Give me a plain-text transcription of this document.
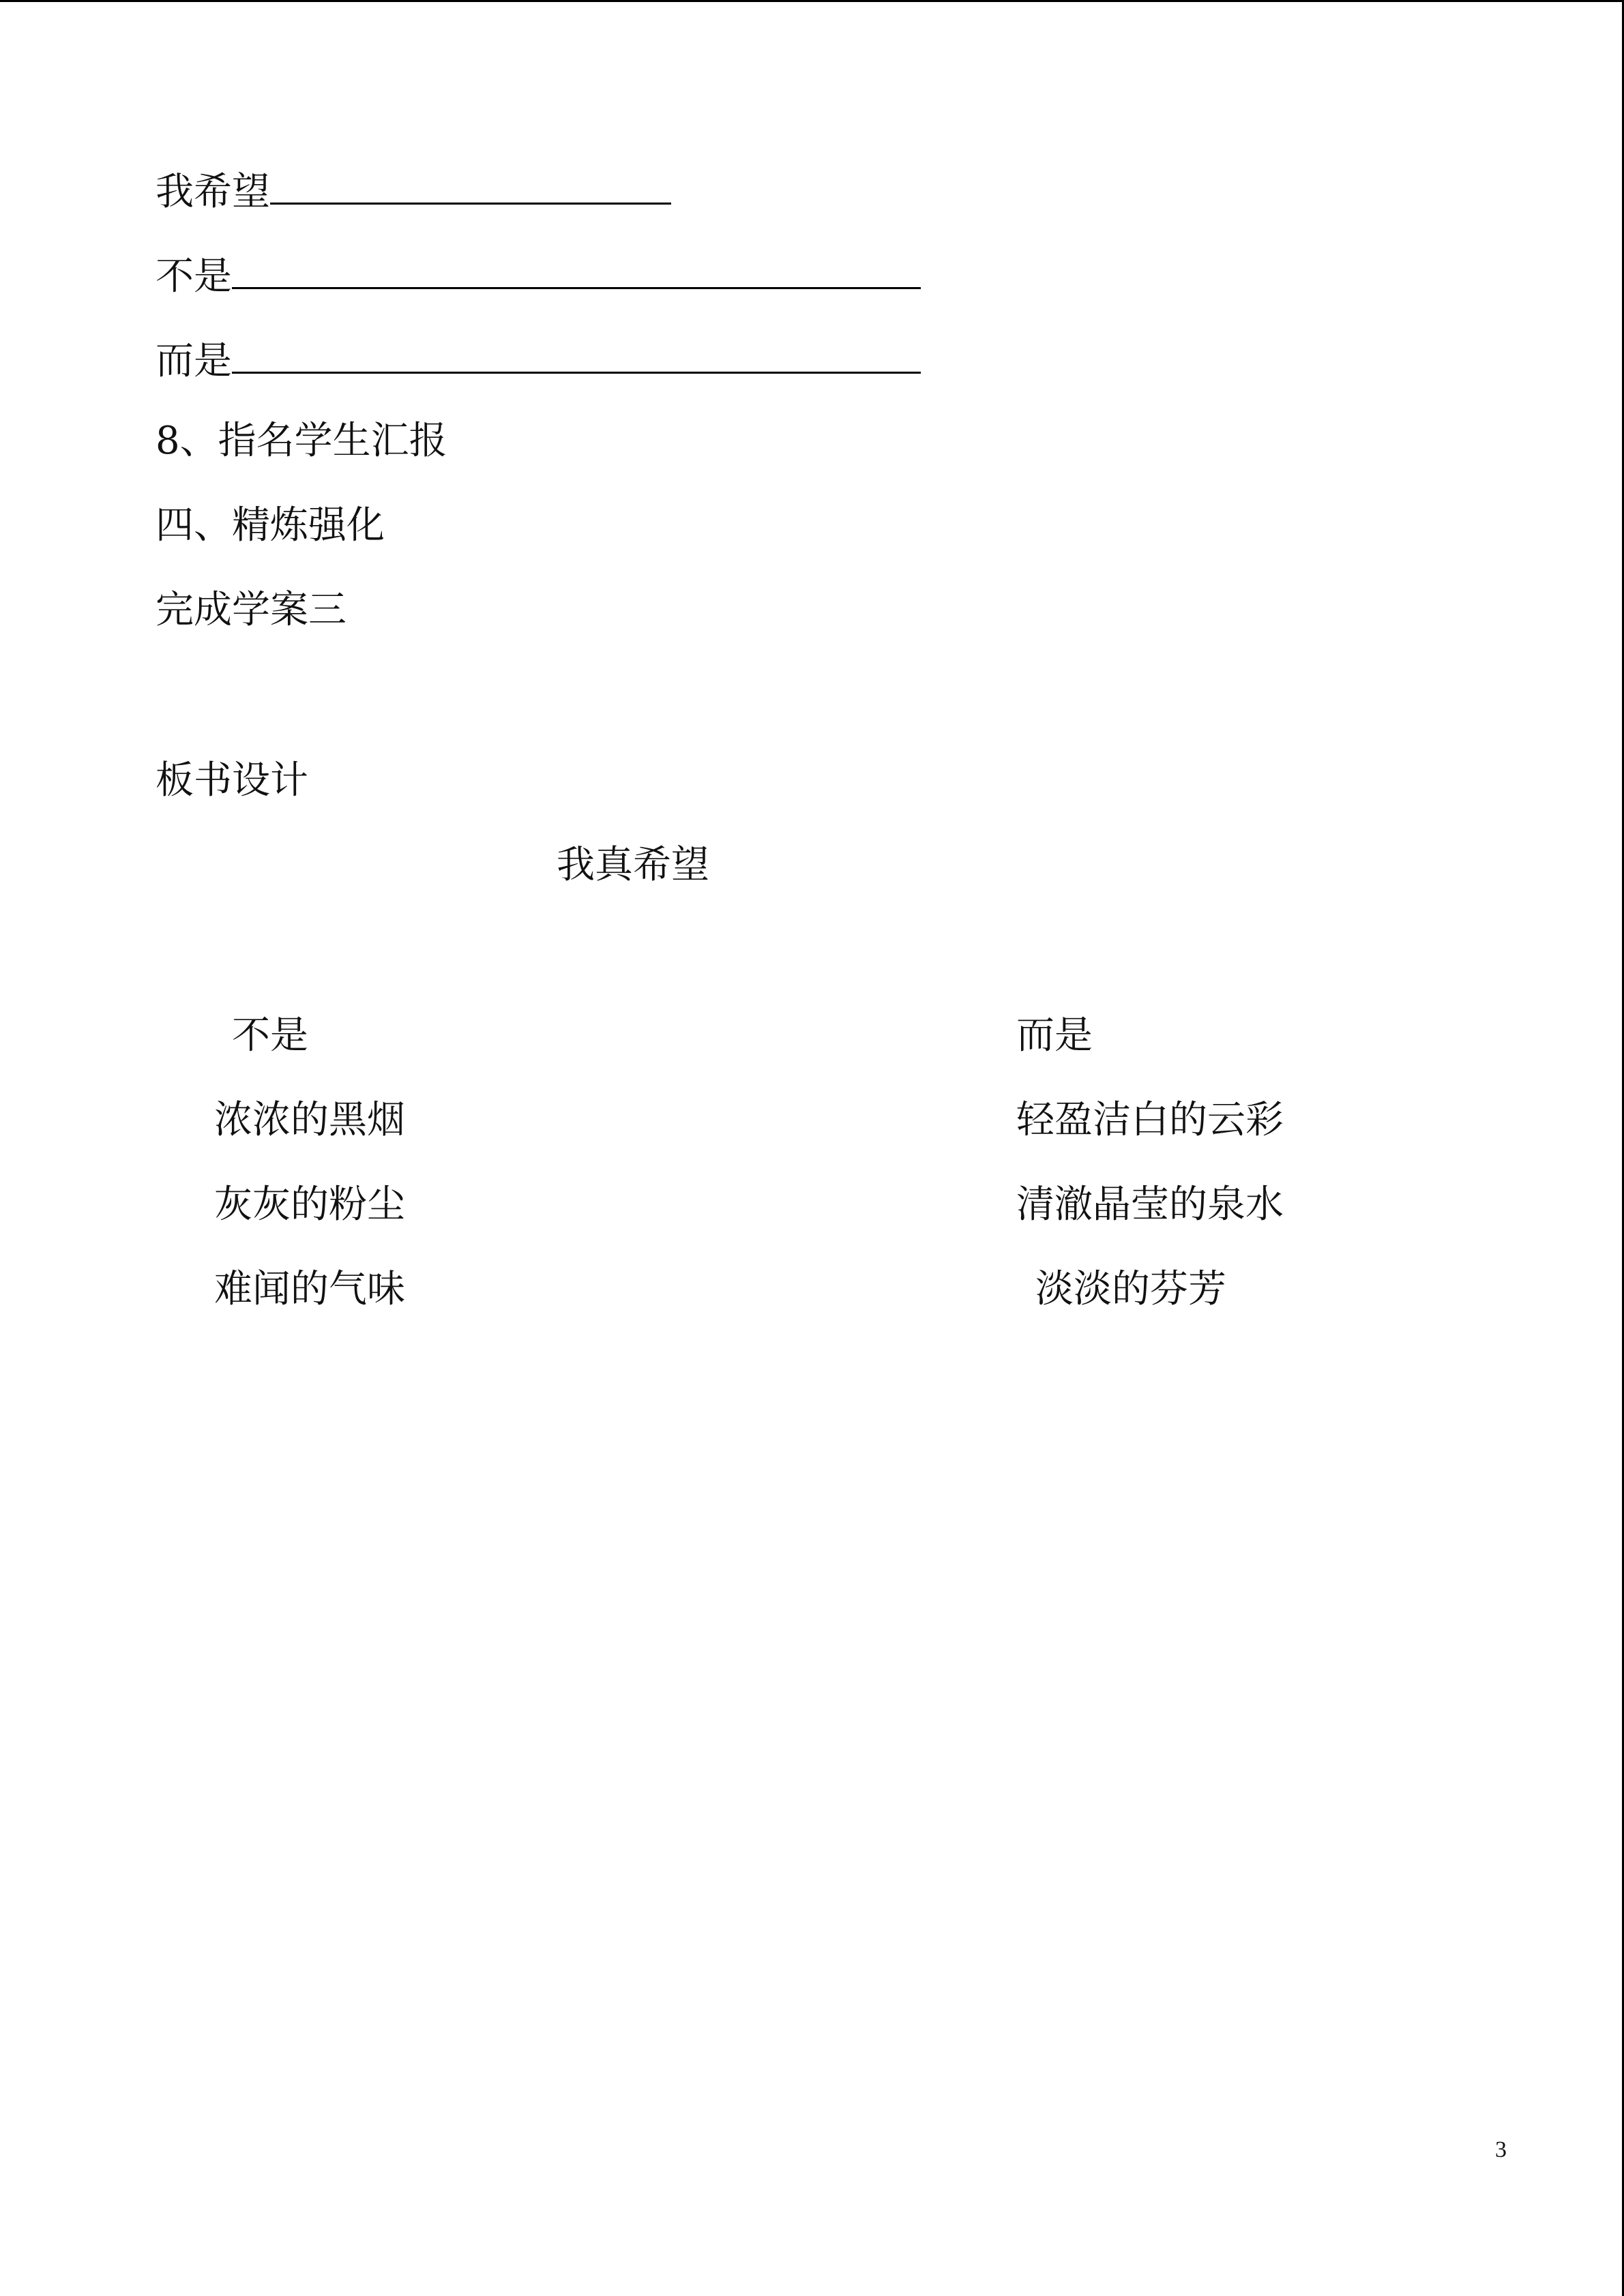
我希望
不是
而是
8、指名学生汇报
四、精炼强化
完成学案三
板书设计
我真希望
不是	而是
浓浓的黑烟
灰灰的粉尘
难闻的气味
轻盈洁白的云彩
清澈晶莹的泉水
淡淡的芬芳
3
